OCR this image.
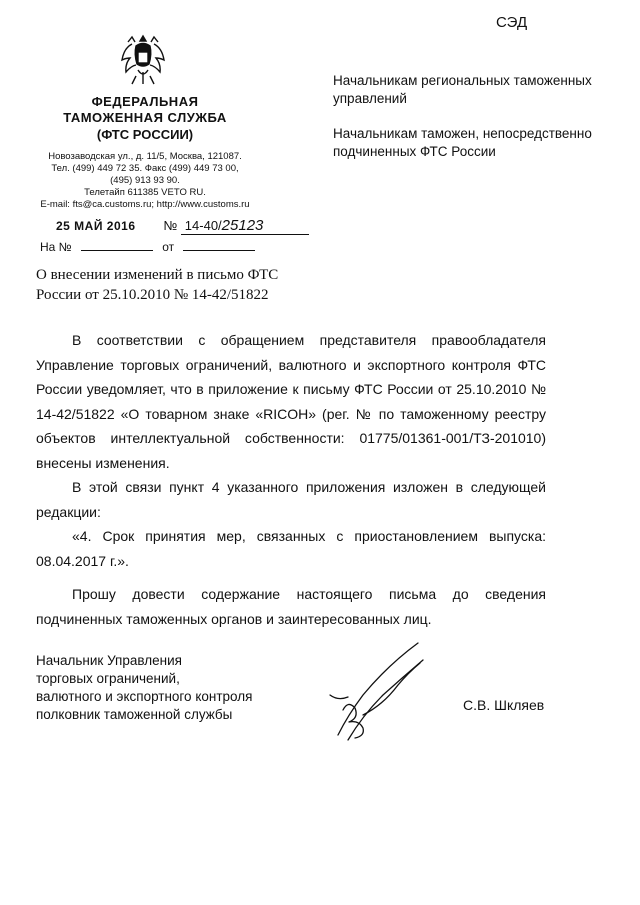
СЭД
ФЕДЕРАЛЬНАЯ
ТАМОЖЕННАЯ СЛУЖБА
(ФТС РОССИИ)
Новозаводская ул., д. 11/5, Москва, 121087.
Тел. (499) 449 72 35. Факс (499) 449 73 00,
(495) 913 93 90.
Телетайп 611385 VETO RU.
E-mail: fts@ca.customs.ru; http://www.customs.ru
25 МАЙ 2016 № 14-40/25123
На №	от

Начальникам региональных таможенных управлений

Начальникам таможен, непосредственно подчиненных ФТС России

О внесении изменений в письмо ФТС России от 25.10.2010 № 14-42/51822

В соответствии с обращением представителя правообладателя Управление торговых ограничений, валютного и экспортного контроля ФТС России уведомляет, что в приложение к письму ФТС России от 25.10.2010 № 14-42/51822 «О товарном знаке «RICOH» (рег. № по таможенному реестру объектов интеллектуальной собственности: 01775/01361-001/ТЗ-201010) внесены изменения.

В этой связи пункт 4 указанного приложения изложен в следующей редакции:

«4. Срок принятия мер, связанных с приостановлением выпуска: 08.04.2017 г.».

Прошу довести содержание настоящего письма до сведения подчиненных таможенных органов и заинтересованных лиц.

Начальник Управления
торговых ограничений,
валютного и экспортного контроля
полковник таможенной службы
С.В. Шкляев
